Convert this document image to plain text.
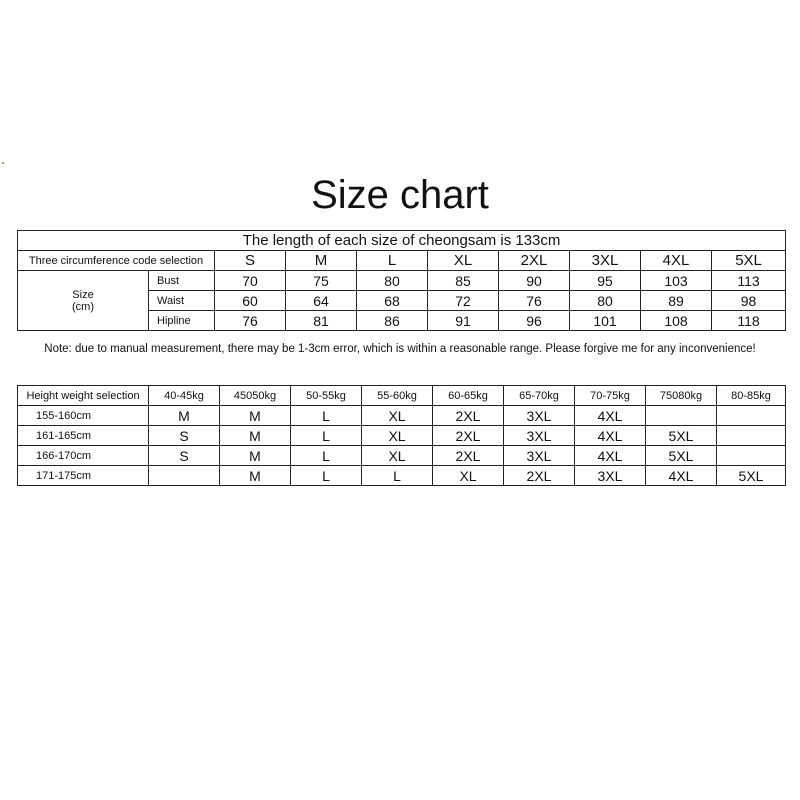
Size chart
The length of each size of cheongsam is 133cm									
Three circumference code selection		S	M	L	XL	2XL	3XL	4XL	5XL

Size
(cm)	Bust	70	75	80	85	90	95	103	113
	Waist	60	64	68	72	76	80	89	98
	Hipline	76	81	86	91	96	101	108	118
Note: due to manual measurement, there may be 1-3cm error, which is within a reasonable range. Please forgive me for any inconvenience!
Height weight selection	40-45kg	45050kg	50-55kg	55-60kg	60-65kg	65-70kg	70-75kg	75080kg	80-85kg
155-160cm	M	M	L	XL	2XL	3XL	4XL		
161-165cm	S	M	L	XL	2XL	3XL	4XL	5XL	
166-170cm	S	M	L	XL	2XL	3XL	4XL	5XL	
171-175cm		M	L	L	XL	2XL	3XL	4XL	5XL
